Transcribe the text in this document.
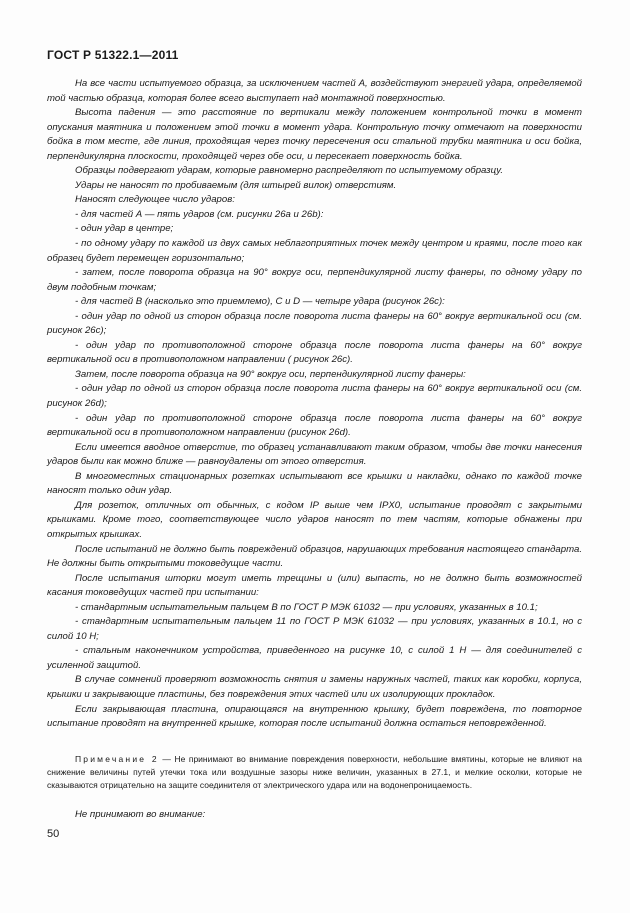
ГОСТ Р 51322.1—2011

На все части испытуемого образца, за исключением частей А, воздействуют энергией удара, определяемой той частью образца, которая более всего выступает над монтажной поверхностью.

Высота падения — это расстояние по вертикали между положением контрольной точки в момент опускания маятника и положением этой точки в момент удара. Контрольную точку отмечают на поверхности бойка в том месте, где линия, проходящая через точку пересечения оси стальной трубки маятника и оси бойка, перпендикулярна плоскости, проходящей через обе оси, и пересекает поверхность бойка.

Образцы подвергают ударам, которые равномерно распределяют по испытуемому образцу.

Удары не наносят по пробиваемым (для штырей вилок) отверстиям.

Наносят следующее число ударов:

- для частей А — пять ударов (см. рисунки 26а и 26b):

- один удар в центре;

- по одному удару по каждой из двух самых неблагоприятных точек между центром и краями, после того как образец будет перемещен горизонтально;

- затем, после поворота образца на 90° вокруг оси, перпендикулярной листу фанеры, по одному удару по двум подобным точкам;

- для частей В (насколько это приемлемо), С и D — четыре удара (рисунок 26с):

- один удар по одной из сторон образца после поворота листа фанеры на 60° вокруг вертикальной оси (см. рисунок 26с);

- один удар по противоположной стороне образца после поворота листа фанеры на 60° вокруг вертикальной оси в противоположном направлении ( рисунок 26с).

Затем, после поворота образца на 90° вокруг оси, перпендикулярной листу фанеры:

- один удар по одной из сторон образца после поворота листа фанеры на 60° вокруг вертикальной оси (см. рисунок 26d);

- один удар по противоположной стороне образца после поворота листа фанеры на 60° вокруг вертикальной оси в противоположном направлении (рисунок 26d).

Если имеется вводное отверстие, то образец устанавливают таким образом, чтобы две точки нанесения ударов были как можно ближе — равноудалены от этого отверстия.

В многоместных стационарных розетках испытывают все крышки и накладки, однако по каждой точке наносят только один удар.

Для розеток, отличных от обычных, с кодом IP выше чем IPX0, испытание проводят с закрытыми крышками. Кроме того, соответствующее число ударов наносят по тем частям, которые обнажены при открытых крышках.

После испытаний не должно быть повреждений образцов, нарушающих требования настоящего стандарта. Не должны быть открытыми токоведущие части.

После испытания шторки могут иметь трещины и (или) выпасть, но не должно быть возможностей касания токоведущих частей при испытании:

- стандартным испытательным пальцем В по ГОСТ Р МЭК 61032 — при условиях, указанных в 10.1;

- стандартным испытательным пальцем 11 по ГОСТ Р МЭК 61032 — при условиях, указанных в 10.1, но с силой 10 Н;

- стальным наконечником устройства, приведенного на рисунке 10, с силой 1 Н — для соединителей с усиленной защитой.

В случае сомнений проверяют возможность снятия и замены наружных частей, таких как коробки, корпуса, крышки и закрывающие пластины, без повреждения этих частей или их изолирующих прокладок.

Если закрывающая пластина, опирающаяся на внутреннюю крышку, будет повреждена, то повторное испытание проводят на внутренней крышке, которая после испытаний должна остаться неповрежденной.

Примечание 2 — Не принимают во внимание повреждения поверхности, небольшие вмятины, которые не влияют на снижение величины путей утечки тока или воздушные зазоры ниже величин, указанных в 27.1, и мелкие осколки, которые не сказываются отрицательно на защите соединителя от электрического удара или на водонепроницаемость.
Не принимают во внимание:
50
